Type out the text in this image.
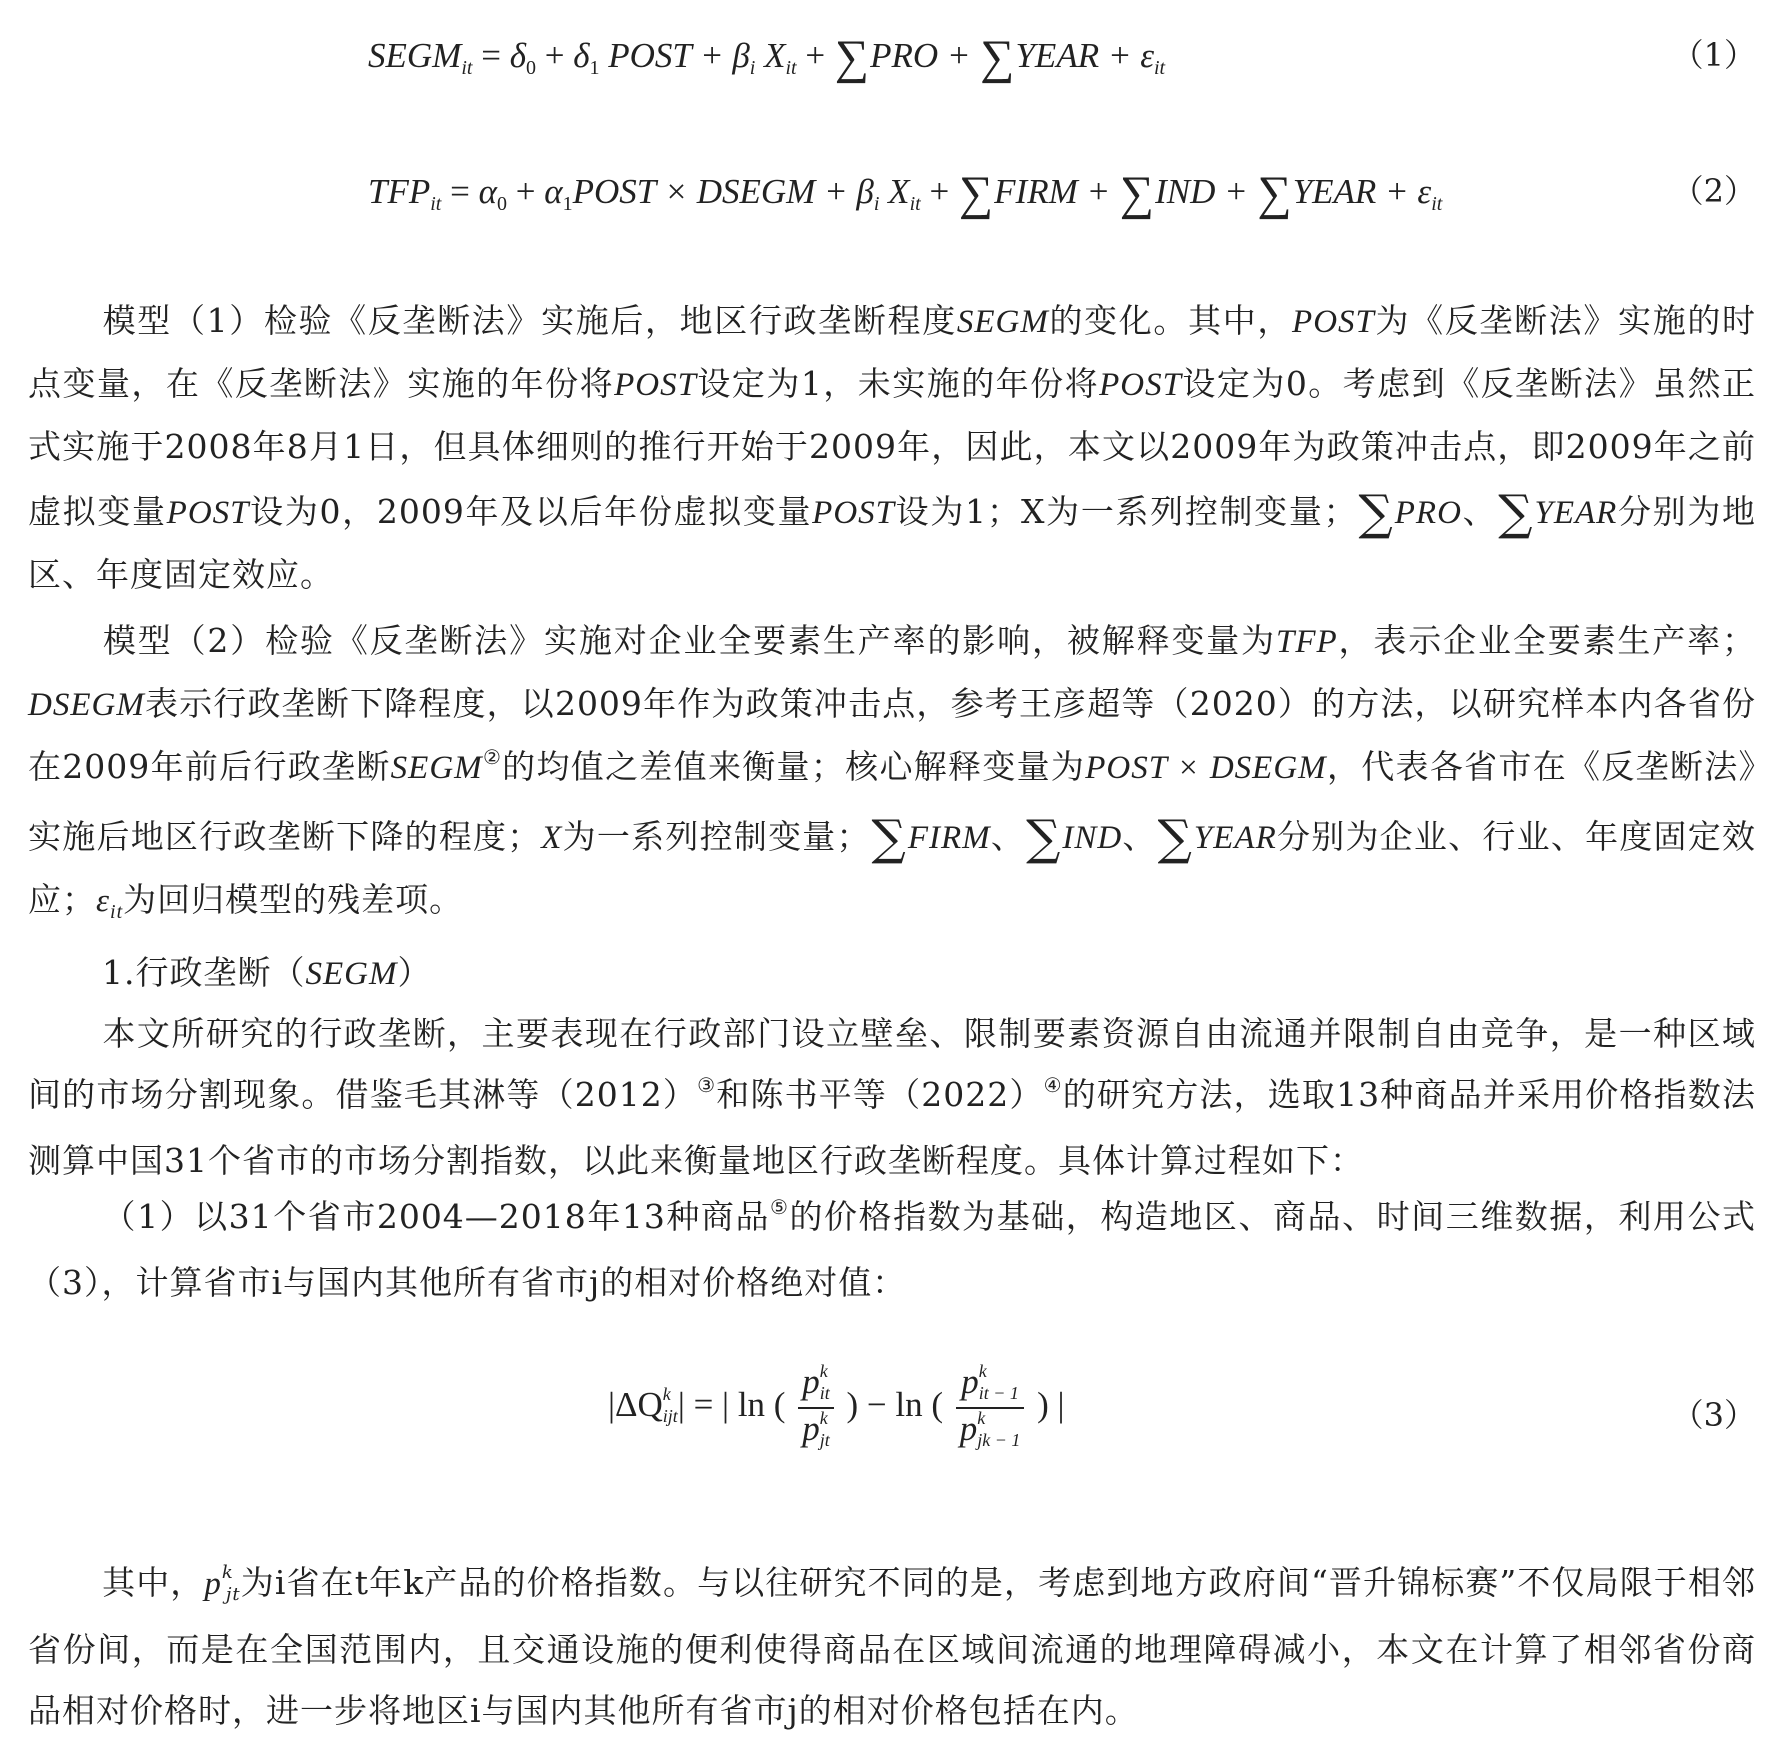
$SEGM_{it} = \delta_0 + \delta_1$ POST + $\beta_i$ $X_{it} + \sum PRO$ + ∑YEAR + $\varepsilon_{it}$	（1）
$TFP_{it} = \alpha_0$ + $\alpha_1POST$ × DSEGM + $\beta_i$ $X_{it}$ + ∑FIRM + ∑IND + ∑YEAR + $\varepsilon_{it}$	（2）
模型（1）检验《反垄断法》实施后，地区行政垄断程度SEGM的变化。其中，POST为《反垄断法》实施的时点变量，在《反垄断法》实施的年份将POST设定为1，未实施的年份将POST设定为0。考虑到《反垄断法》虽然正式实施于2008年8月1日，但具体细则的推行开始于2009年，因此，本文以2009年为政策冲击点，即2009年之前虚拟变量POST设为0，2009年及以后年份虚拟变量POST设为1；X为一系列控制变量；∑PRO、∑YEAR分别为地区、年度固定效应。
模型（2）检验《反垄断法》实施对企业全要素生产率的影响，被解释变量为TFP，表示企业全要素生产率；DSEGM表示行政垄断下降程度，以2009年作为政策冲击点，参考王彦超等（2020）的方法，以研究样本内各省份在2009年前后行政垄断SEGM②的均值之差值来衡量；核心解释变量为POST × DSEGM，代表各省市在《反垄断法》实施后地区行政垄断下降的程度；X为一系列控制变量；∑FIRM、∑IND、∑YEAR分别为企业、行业、年度固定效应；$\varepsilon_{it}$为回归模型的残差项。
1.行政垄断（SEGM）
本文所研究的行政垄断，主要表现在行政部门设立壁垒、限制要素资源自由流通并限制自由竞争，是一种区域间的市场分割现象。借鉴毛其淋等（2012）③和陈书平等（2022）④的研究方法，选取13种商品并采用价格指数法测算中国31个省市的市场分割指数，以此来衡量地区行政垄断程度。具体计算过程如下：
（1）以31个省市2004—2018年13种商品⑤的价格指数为基础，构造地区、商品、时间三维数据，利用公式（3），计算省市i与国内其他所有省市j的相对价格绝对值：
$|\Delta Q^kijt|$ = | ln ( $\frac{p^kit}{p^kjt}$ ) − ln ( $\frac{p^kit - 1}{p^kjk - 1}$ ) |	（3）
其中，$p^kjt$为i省在t年k产品的价格指数。与以往研究不同的是，考虑到地方政府间“晋升锦标赛”不仅局限于相邻省份间，而是在全国范围内，且交通设施的便利使得商品在区域间流通的地理障碍减小，本文在计算了相邻省份商品相对价格时，进一步将地区i与国内其他所有省市j的相对价格包括在内。
